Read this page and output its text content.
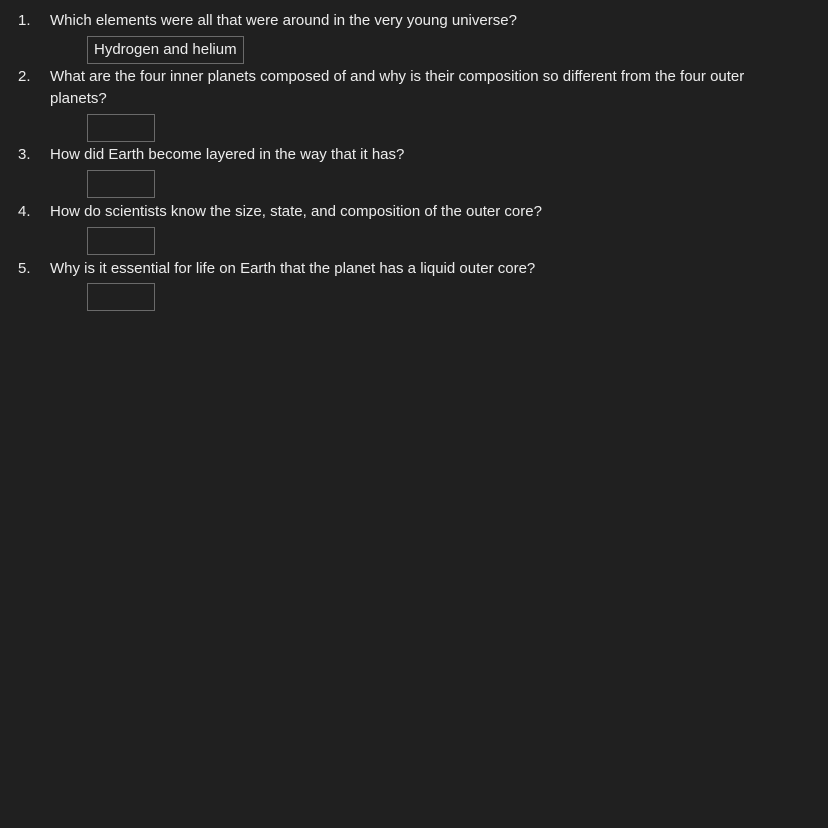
1. Which elements were all that were around in the very young universe?
Hydrogen and helium
2. What are the four inner planets composed of and why is their composition so different from the four outer planets?
3. How did Earth become layered in the way that it has?
4. How do scientists know the size, state, and composition of the outer core?
5. Why is it essential for life on Earth that the planet has a liquid outer core?
